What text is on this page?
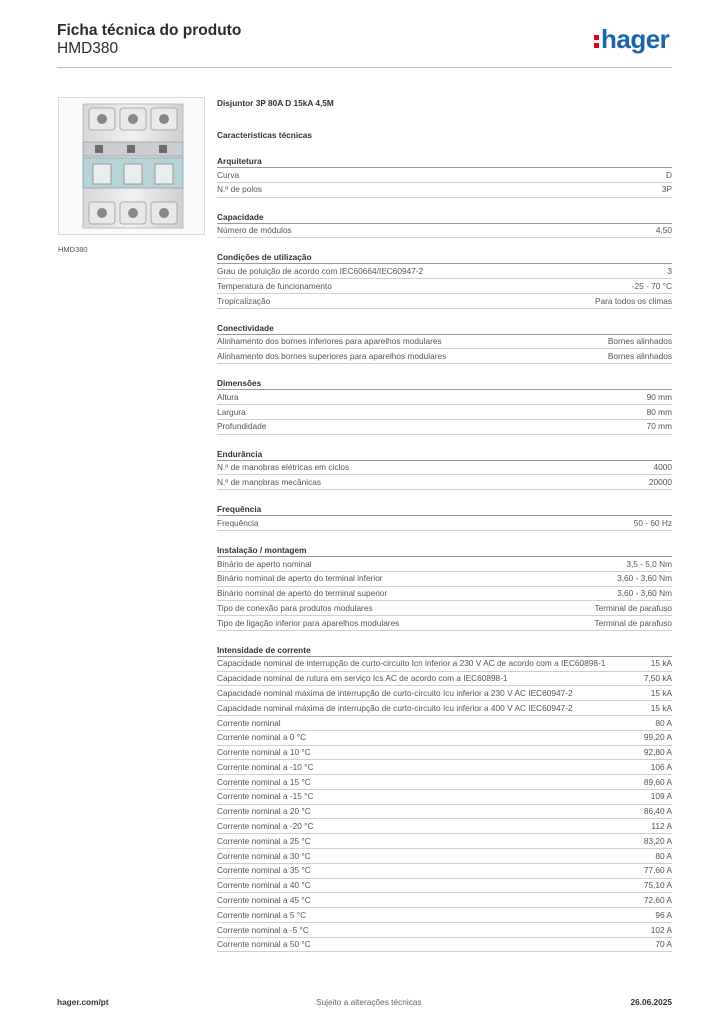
Ficha técnica do produto
HMD380	hager
HMD380
Disjuntor 3P 80A D 15kA 4,5M
Características técnicas
Arquitetura
Curva	D
N.º de polos	3P
Capacidade
Número de módulos	4,50
Condições de utilização
Grau de poluição de acordo com IEC60664/IEC60947-2	3
Temperatura de funcionamento	-25 - 70 °C
Tropicalização	Para todos os climas
Conectividade
Alinhamento dos bornes inferiores para aparelhos modulares	Bornes alinhados
Alinhamento dos bornes superiores para aparelhos modulares	Bornes alinhados
Dimensões
Altura	90 mm
Largura	80 mm
Profundidade	70 mm
Endurância
N.º de manobras elétricas em ciclos	4000
N.º de manobras mecânicas	20000
Frequência
Frequência	50 - 60 Hz
Instalação / montagem
Binário de aperto nominal	3,5 - 5,0 Nm
Binário nominal de aperto do terminal inferior	3,60 - 3,60 Nm
Binário nominal de aperto do terminal superior	3,60 - 3,60 Nm
Tipo de conexão para produtos modulares	Terminal de parafuso
Tipo de ligação inferior para aparelhos modulares	Terminal de parafuso
Intensidade de corrente
Capacidade nominal de interrupção de curto-circuito Icn inferior a 230 V AC de acordo com a IEC60898-1	15 kA
Capacidade nominal de rutura em serviço Ics AC de acordo com a IEC60898-1	7,50 kA
Capacidade nominal máxima de interrupção de curto-circuito Icu inferior a 230 V AC IEC60947-2	15 kA
Capacidade nominal máxima de interrupção de curto-circuito Icu inferior a 400 V AC IEC60947-2	15 kA
Corrente nominal	80 A
Corrente nominal a 0 °C	99,20 A
Corrente nominal a 10 °C	92,80 A
Corrente nominal a -10 °C	106 A
Corrente nominal a 15 °C	89,60 A
Corrente nominal a -15 °C	109 A
Corrente nominal a 20 °C	86,40 A
Corrente nominal a -20 °C	112 A
Corrente nominal a 25 °C	83,20 A
Corrente nominal a 30 °C	80 A
Corrente nominal a 35 °C	77,60 A
Corrente nominal a 40 °C	75,10 A
Corrente nominal a 45 °C	72,60 A
Corrente nominal a 5 °C	96 A
Corrente nominal a -5 °C	102 A
Corrente nominal a 50 °C	70 A
hager.com/pt	Sujeito a alterações técnicas	26.06.2025
